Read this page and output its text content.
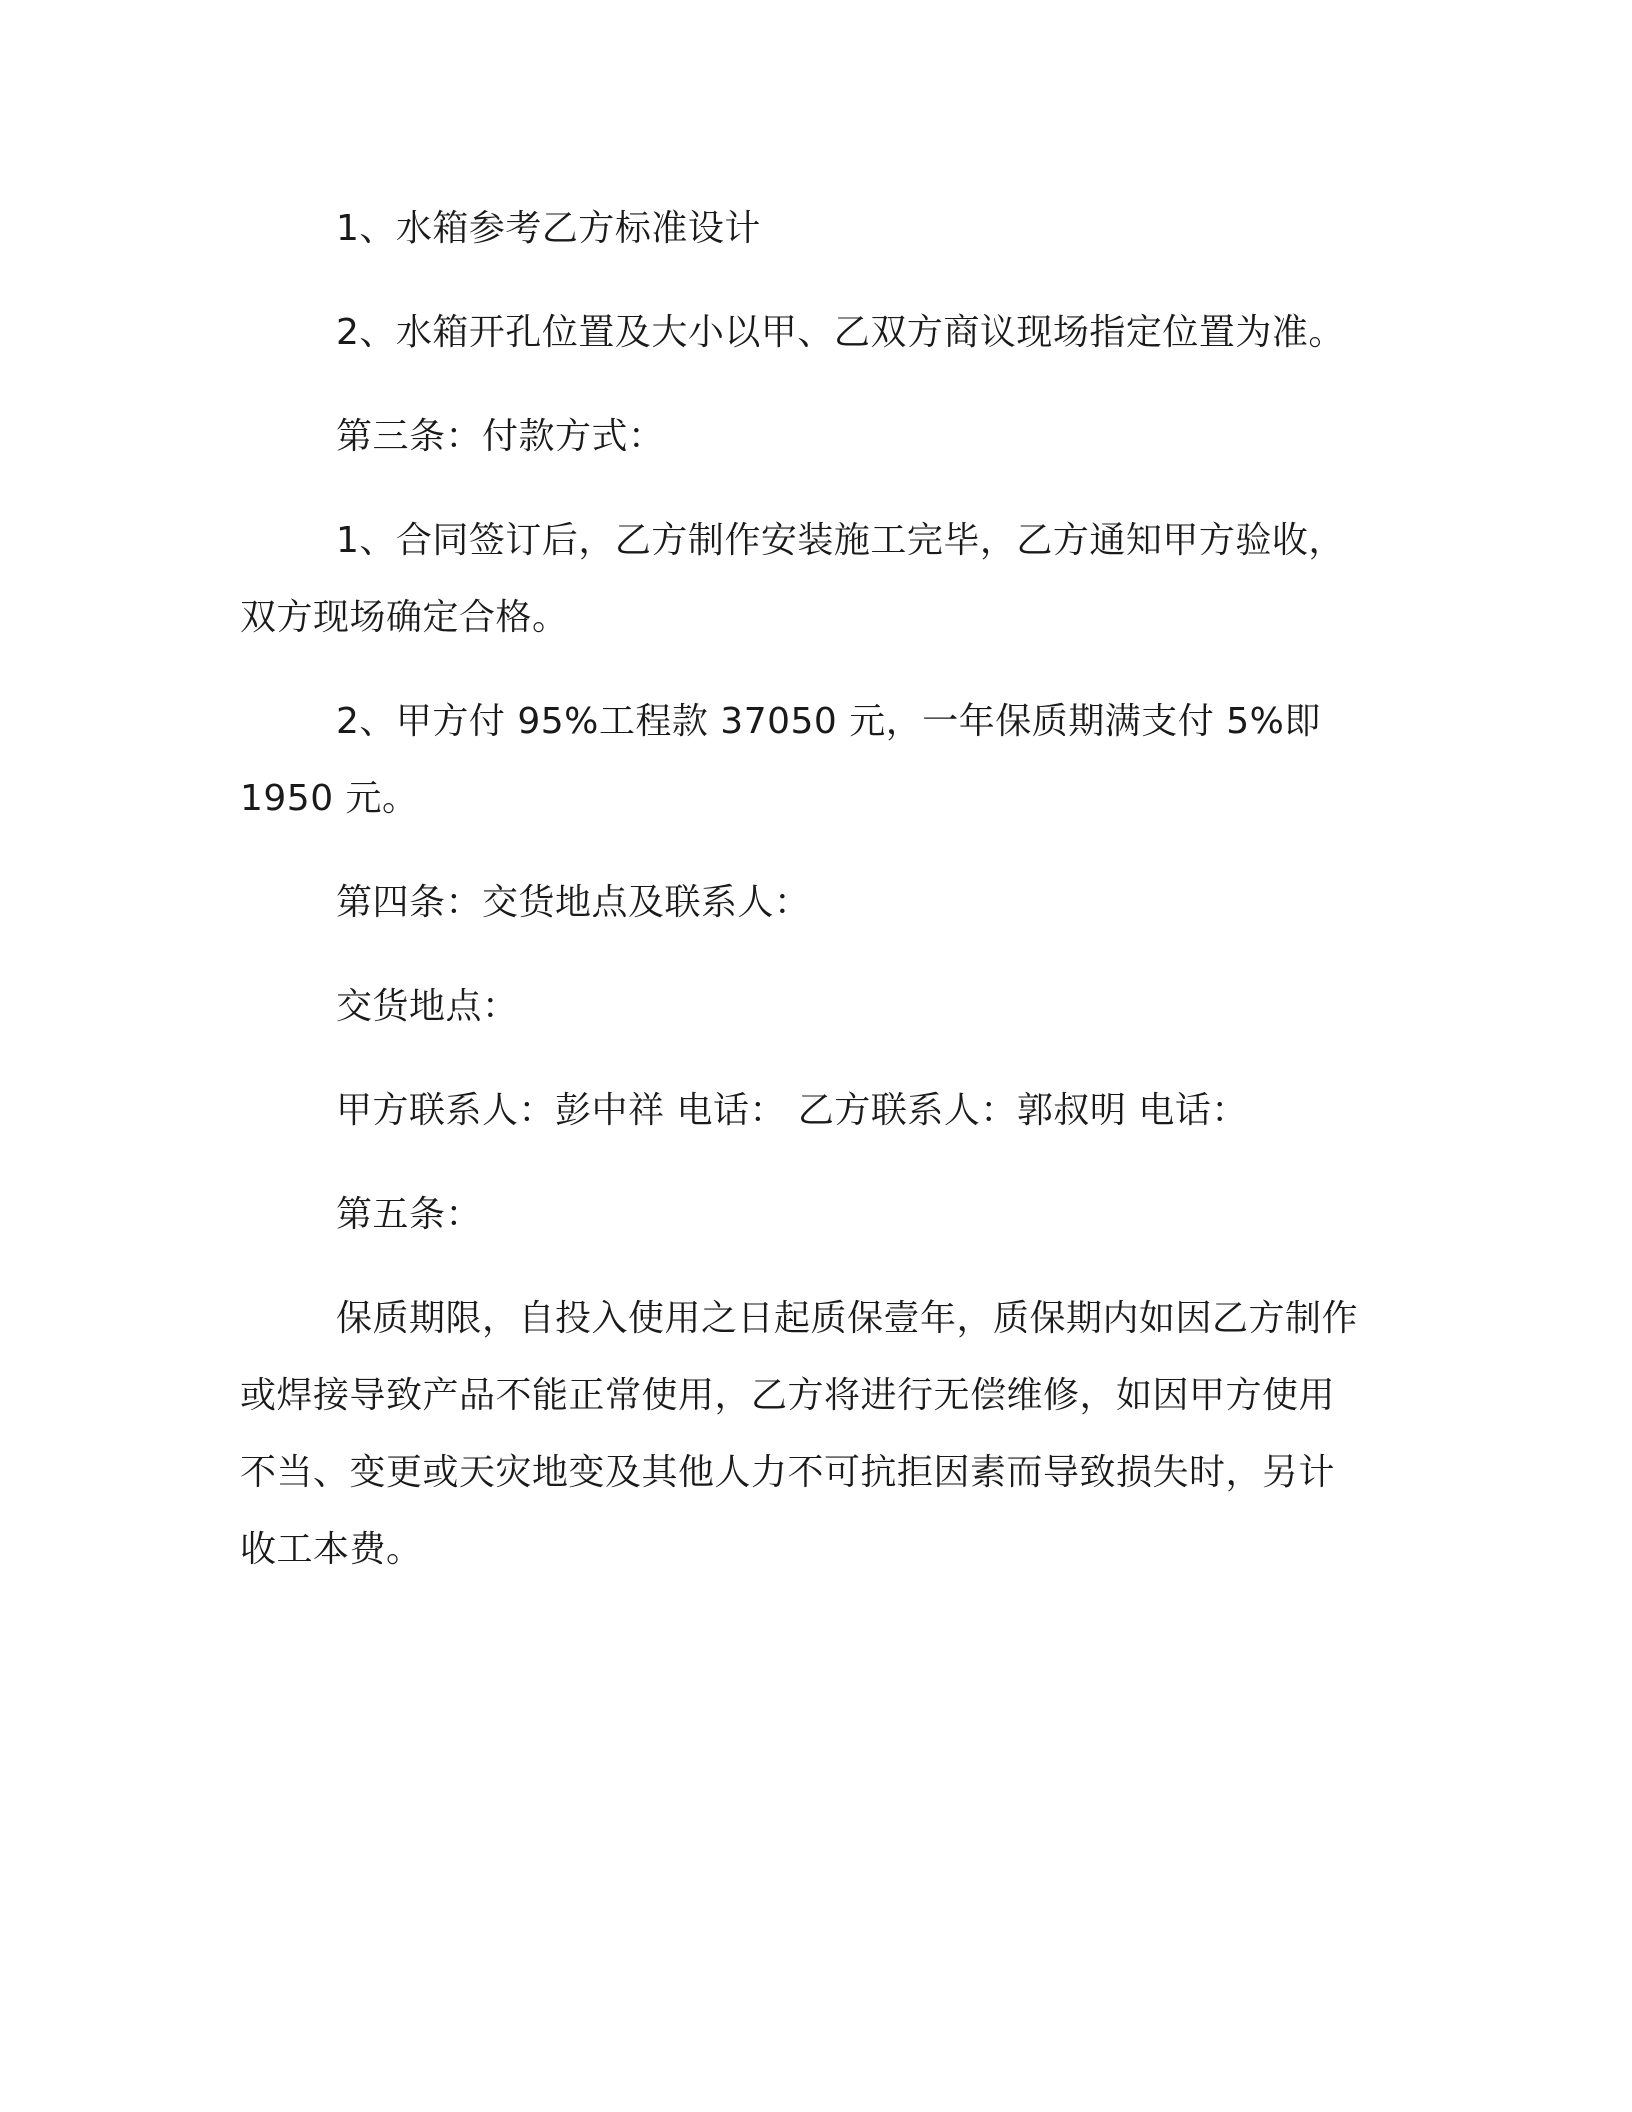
1、水箱参考乙方标准设计

2、水箱开孔位置及大小以甲、乙双方商议现场指定位置为准。

第三条：付款方式：

1、合同签订后，乙方制作安装施工完毕，乙方通知甲方验收，双方现场确定合格。

2、甲方付 95%工程款 37050 元，一年保质期满支付 5%即 1950 元。

第四条：交货地点及联系人：

交货地点：

甲方联系人：彭中祥 电话： 乙方联系人：郭叔明 电话：

第五条：

保质期限，自投入使用之日起质保壹年，质保期内如因乙方制作或焊接导致产品不能正常使用，乙方将进行无偿维修，如因甲方使用不当、变更或天灾地变及其他人力不可抗拒因素而导致损失时，另计收工本费。
